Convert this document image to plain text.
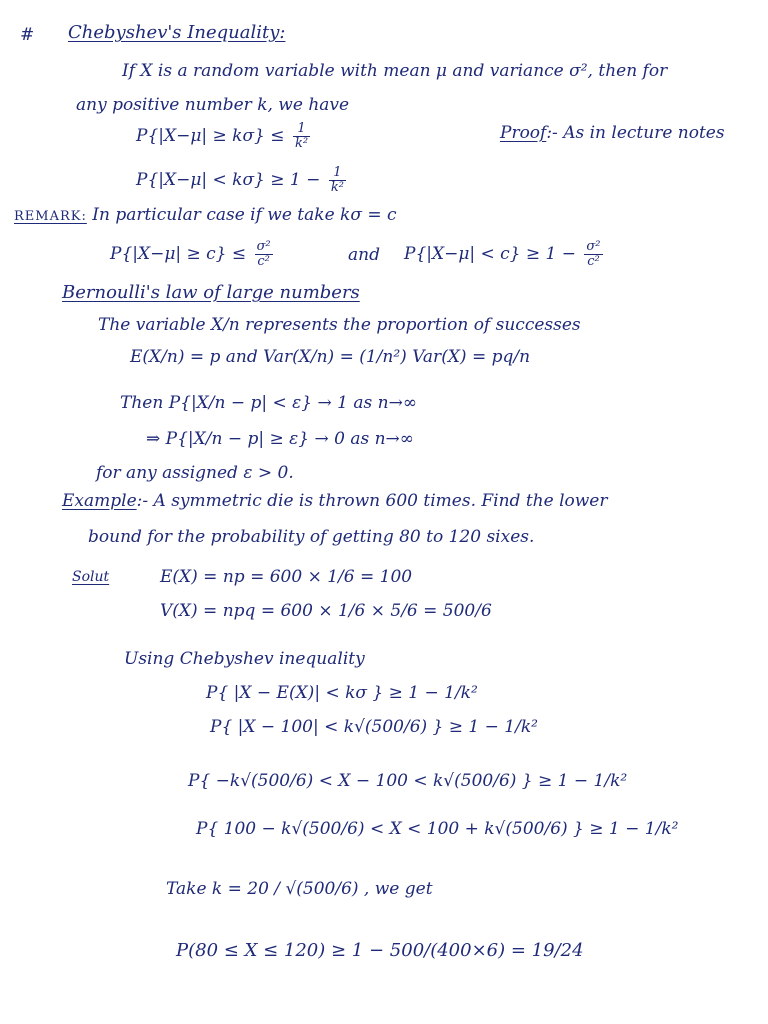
# Chebyshev's Inequality:
If X is a random variable with mean μ and variance σ², then for
any positive number k, we have
$P\{|X-\mu| \ge k\sigma\} \le \frac{1}{\text{k²}}$	Proof:- As in lecture notes
$P\{|X-\mu| < k\sigma\} \ge 1 - \frac{1}{\text{k²}}$
REMARK: In particular case if we take kσ = c
$P\{|X-\mu| \ge c\} \le \frac{\text{σ²}}{\text{c²}}$	and $P\{|X-\mu| < c\} \ge 1 - \frac{\text{σ²}}{\text{c²}}$
Bernoulli's law of large numbers
The variable X/n represents the proportion of successes
E(X/n) = p and Var(X/n) = (1/n²) Var(X) = pq/n
Then P{|X/n − p| < ε} → 1 as n→∞
⇒ P{|X/n − p| ≥ ε} → 0 as n→∞
for any assigned ε > 0.
Example:- A symmetric die is thrown 600 times. Find the lower
bound for the probability of getting 80 to 120 sixes.
Solut	E(X) = np = 600 × 1/6 = 100
V(X) = npq = 600 × 1/6 × 5/6 = 500/6
Using Chebyshev inequality
P{ |X − E(X)| < kσ } ≥ 1 − 1/k²
P{ |X − 100| < k√(500/6) } ≥ 1 − 1/k²
P{ −k√(500/6) < X − 100 < k√(500/6) } ≥ 1 − 1/k²
P{ 100 − k√(500/6) < X < 100 + k√(500/6) } ≥ 1 − 1/k²
Take k = 20 / √(500/6) , we get
P(80 ≤ X ≤ 120) ≥ 1 − 500/(400×6) = 19/24
